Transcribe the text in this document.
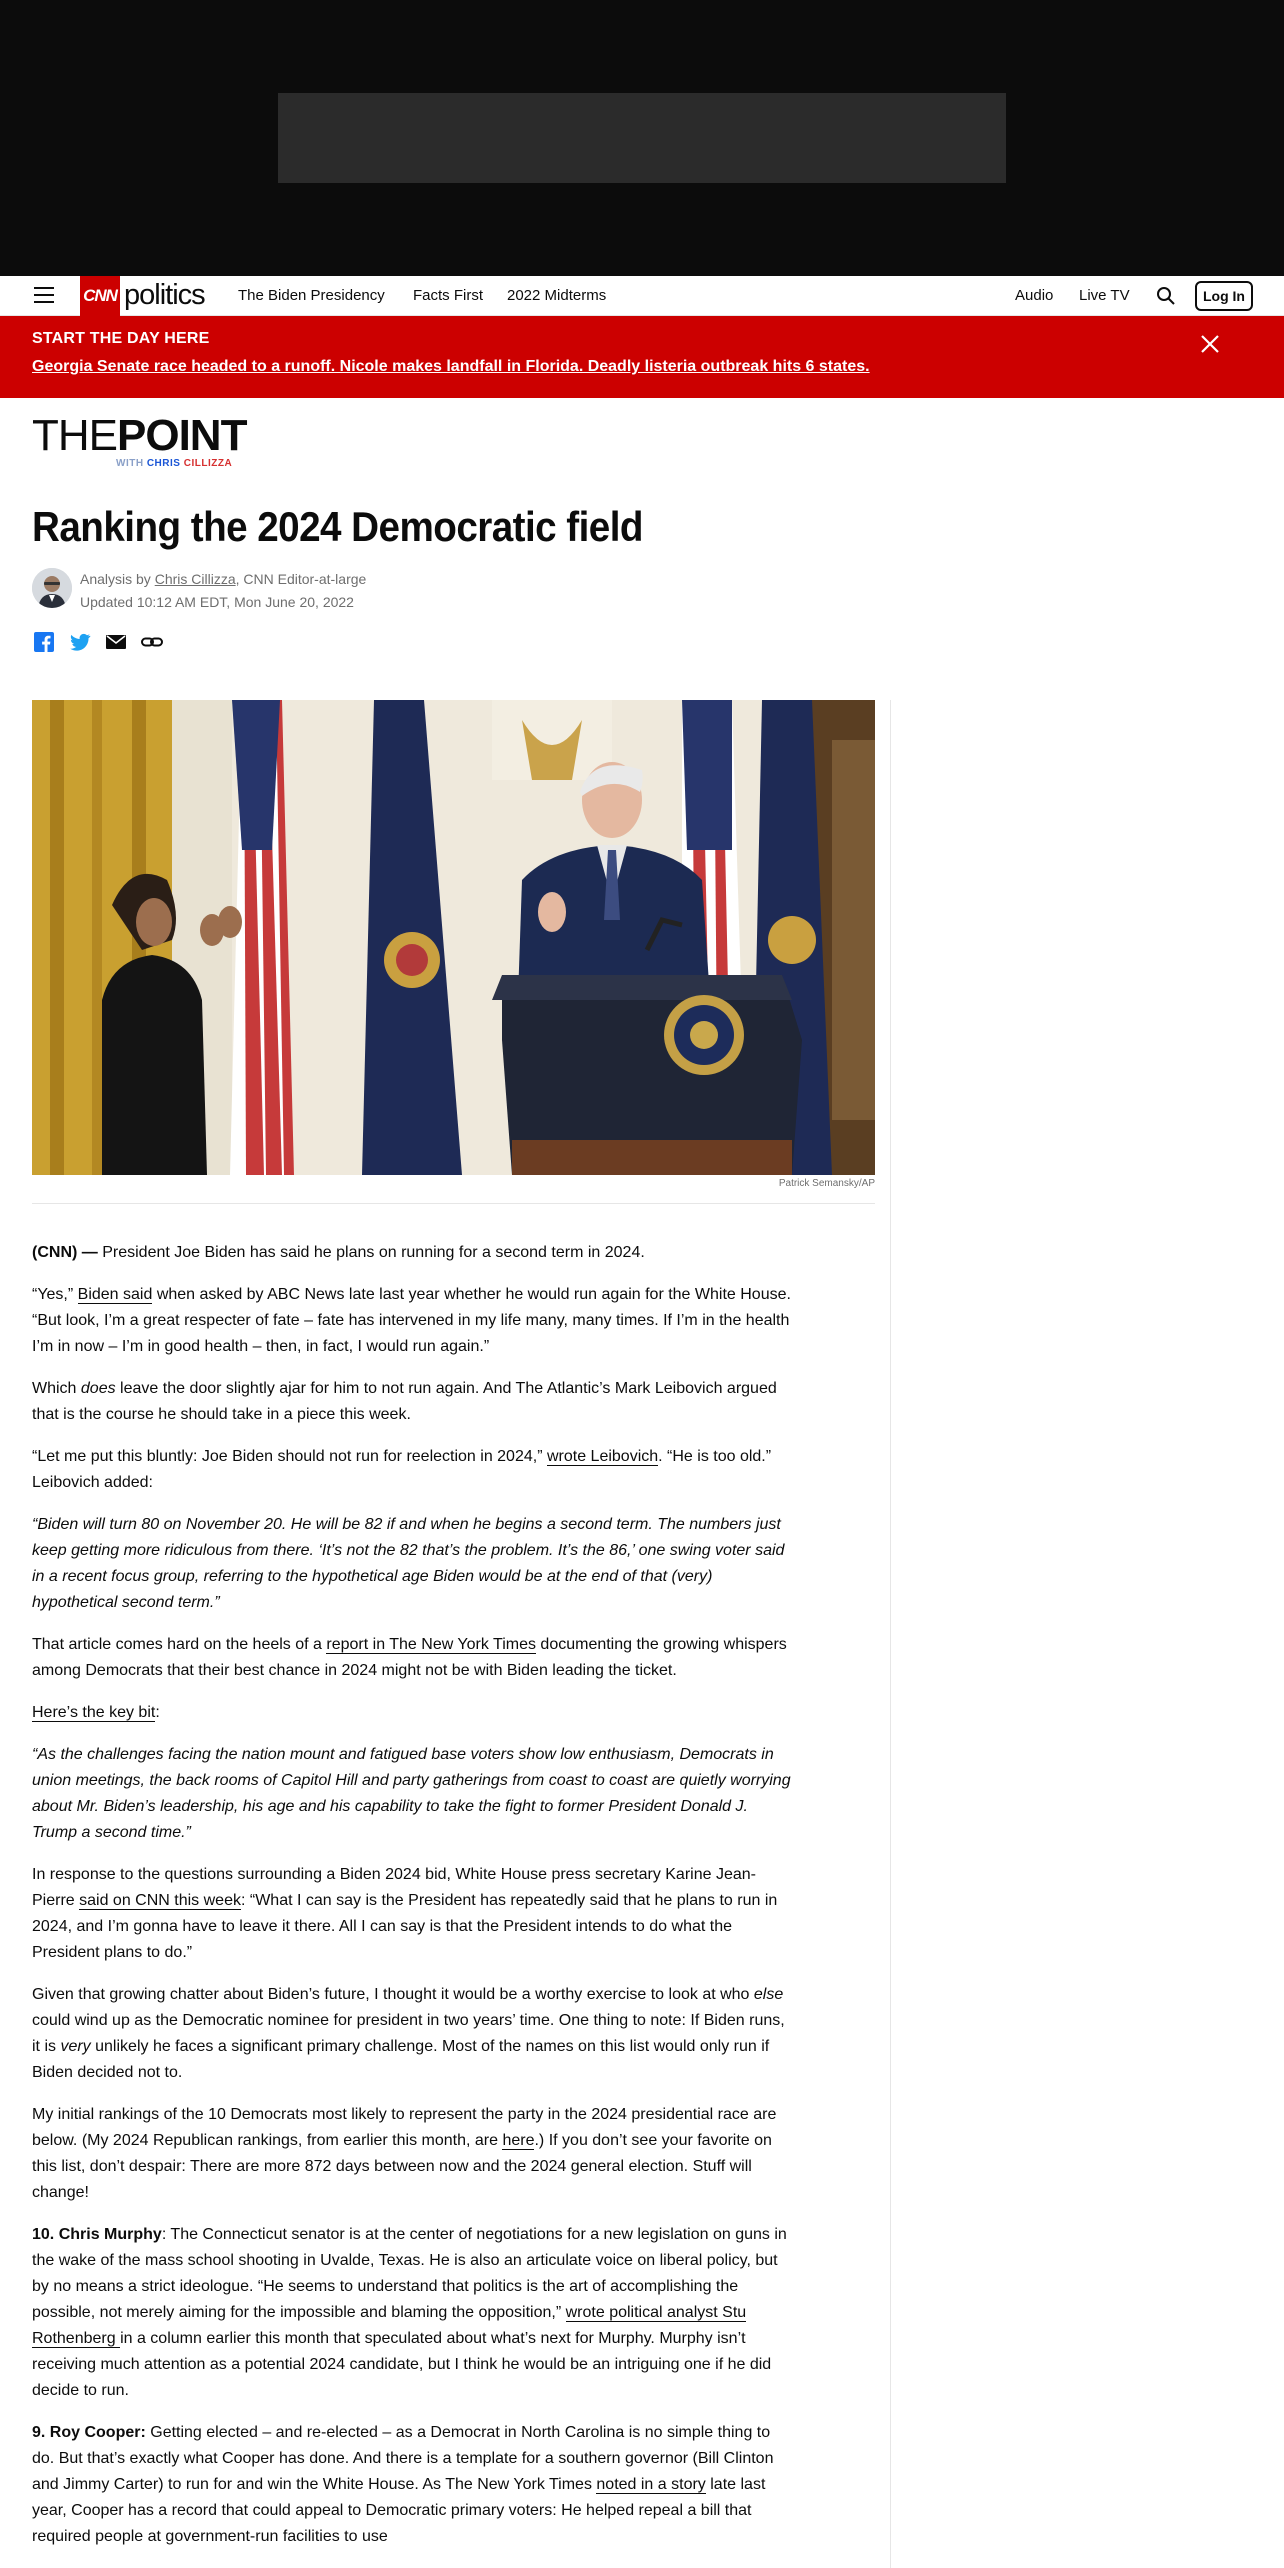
CNN politics The Biden Presidency Facts First 2022 Midterms	Audio Live TV	Log In
START THE DAY HERE
Georgia Senate race headed to a runoff. Nicole makes landfall in Florida. Deadly listeria outbreak hits 6 states.
THEPOINT
WITH CHRIS CILLIZZA
Ranking the 2024 Democratic field
Analysis by Chris Cillizza, CNN Editor-at-large
Updated 10:12 AM EDT, Mon June 20, 2022
Patrick Semansky/AP

(CNN) — President Joe Biden has said he plans on running for a second term in 2024.

“Yes,” Biden said when asked by ABC News late last year whether he would run again for the White House. “But look, I’m a great respecter of fate – fate has intervened in my life many, many times. If I’m in the health I’m in now – I’m in good health – then, in fact, I would run again.”

Which does leave the door slightly ajar for him to not run again. And The Atlantic’s Mark Leibovich argued that is the course he should take in a piece this week.

“Let me put this bluntly: Joe Biden should not run for reelection in 2024,” wrote Leibovich. “He is too old.” Leibovich added:

“Biden will turn 80 on November 20. He will be 82 if and when he begins a second term. The numbers just keep getting more ridiculous from there. ‘It’s not the 82 that’s the problem. It’s the 86,’ one swing voter said in a recent focus group, referring to the hypothetical age Biden would be at the end of that (very) hypothetical second term.”

That article comes hard on the heels of a report in The New York Times documenting the growing whispers among Democrats that their best chance in 2024 might not be with Biden leading the ticket.

Here’s the key bit:

“As the challenges facing the nation mount and fatigued base voters show low enthusiasm, Democrats in union meetings, the back rooms of Capitol Hill and party gatherings from coast to coast are quietly worrying about Mr. Biden’s leadership, his age and his capability to take the fight to former President Donald J. Trump a second time.”

In response to the questions surrounding a Biden 2024 bid, White House press secretary Karine Jean-Pierre said on CNN this week: “What I can say is the President has repeatedly said that he plans to run in 2024, and I’m gonna have to leave it there. All I can say is that the President intends to do what the President plans to do.”

Given that growing chatter about Biden’s future, I thought it would be a worthy exercise to look at who else could wind up as the Democratic nominee for president in two years’ time. One thing to note: If Biden runs, it is very unlikely he faces a significant primary challenge. Most of the names on this list would only run if Biden decided not to.

My initial rankings of the 10 Democrats most likely to represent the party in the 2024 presidential race are below. (My 2024 Republican rankings, from earlier this month, are here.) If you don’t see your favorite on this list, don’t despair: There are more 872 days between now and the 2024 general election. Stuff will change!

10. Chris Murphy: The Connecticut senator is at the center of negotiations for a new legislation on guns in the wake of the mass school shooting in Uvalde, Texas. He is also an articulate voice on liberal policy, but by no means a strict ideologue. “He seems to understand that politics is the art of accomplishing the possible, not merely aiming for the impossible and blaming the opposition,” wrote political analyst Stu Rothenberg in a column earlier this month that speculated about what’s next for Murphy. Murphy isn’t receiving much attention as a potential 2024 candidate, but I think he would be an intriguing one if he did decide to run.

9. Roy Cooper: Getting elected – and re-elected – as a Democrat in North Carolina is no simple thing to do. But that’s exactly what Cooper has done. And there is a template for a southern governor (Bill Clinton and Jimmy Carter) to run for and win the White House. As The New York Times noted in a story late last year, Cooper has a record that could appeal to Democratic primary voters: He helped repeal a bill that required people at government-run facilities to use
